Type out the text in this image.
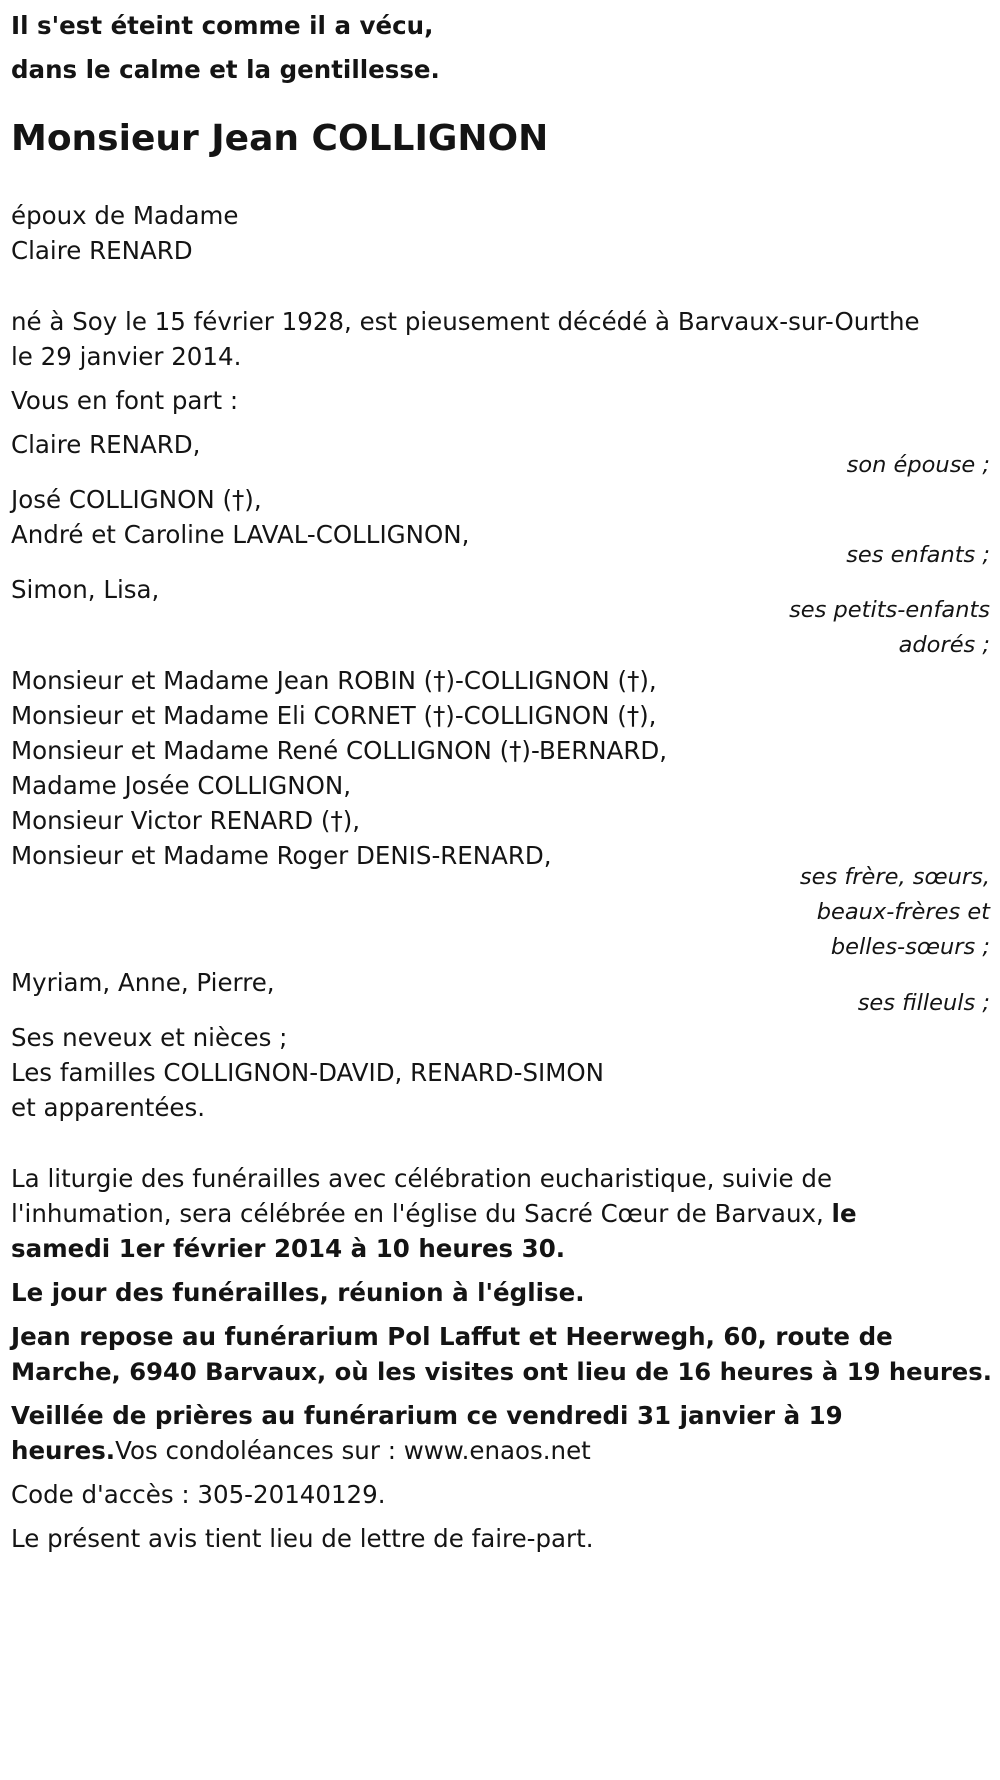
Il s'est éteint comme il a vécu,
dans le calme et la gentillesse.
Monsieur Jean COLLIGNON
époux de Madame
Claire RENARD
né à Soy le 15 février 1928, est pieusement décédé à Barvaux-sur-Ourthe
le 29 janvier 2014.
Vous en font part :
Claire RENARD,
son épouse ;
José COLLIGNON (†),
André et Caroline LAVAL-COLLIGNON,
ses enfants ;
Simon, Lisa,
ses petits-enfants
adorés ;
Monsieur et Madame Jean ROBIN (†)-COLLIGNON (†),
Monsieur et Madame Eli CORNET (†)-COLLIGNON (†),
Monsieur et Madame René COLLIGNON (†)-BERNARD,
Madame Josée COLLIGNON,
Monsieur Victor RENARD (†),
Monsieur et Madame Roger DENIS-RENARD,
ses frère, sœurs,
beaux-frères et
belles-sœurs ;
Myriam, Anne, Pierre,
ses filleuls ;
Ses neveux et nièces ;
Les familles COLLIGNON-DAVID, RENARD-SIMON
et apparentées.
La liturgie des funérailles avec célébration eucharistique, suivie de
l'inhumation, sera célébrée en l'église du Sacré Cœur de Barvaux, le
samedi 1er février 2014 à 10 heures 30.
Le jour des funérailles, réunion à l'église.
Jean repose au funérarium Pol Laffut et Heerwegh, 60, route de
Marche, 6940 Barvaux, où les visites ont lieu de 16 heures à 19 heures.
Veillée de prières au funérarium ce vendredi 31 janvier à 19
heures.Vos condoléances sur : www.enaos.net
Code d'accès : 305-20140129.
Le présent avis tient lieu de lettre de faire-part.
